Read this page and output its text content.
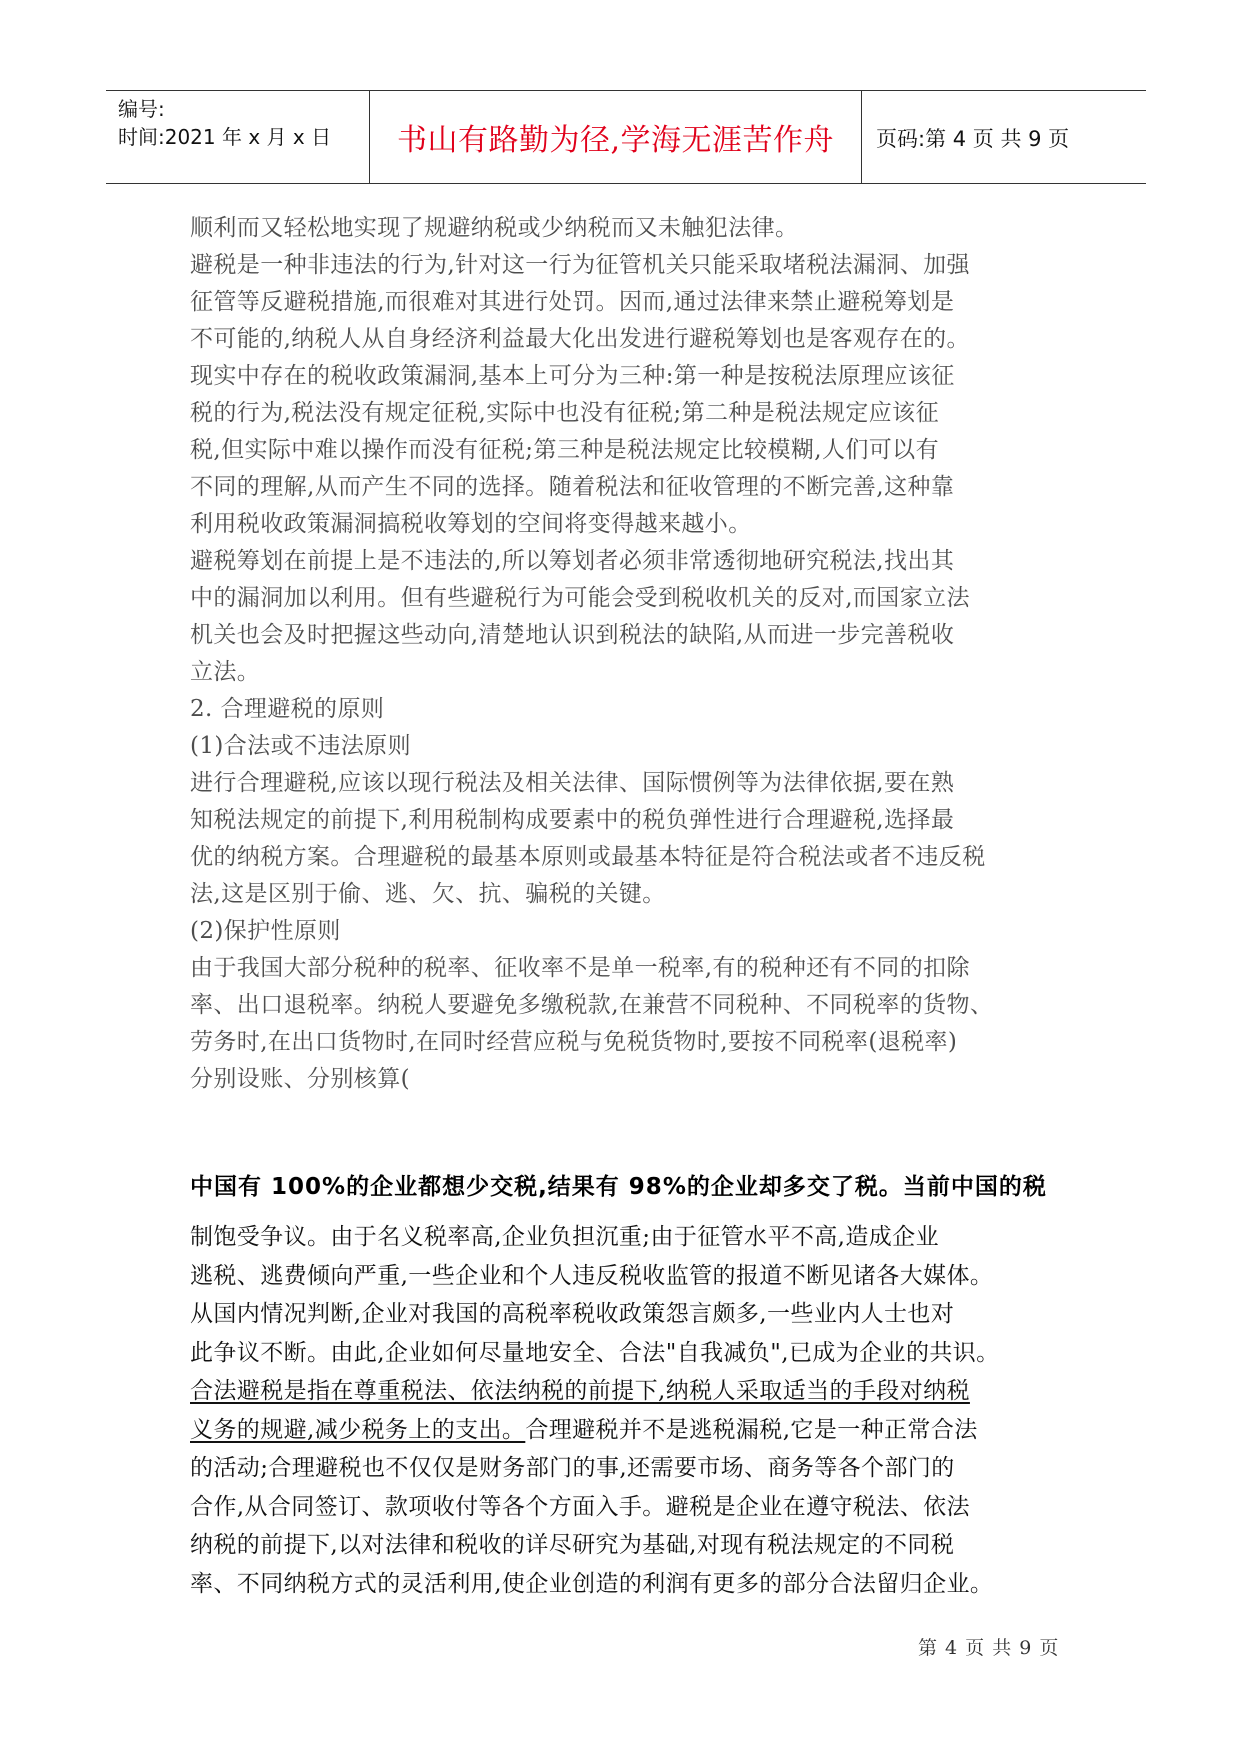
编号:
时间:2021 年 x 月 x 日	书山有路勤为径,学海无涯苦作舟	页码:第 4 页 共 9 页
顺利而又轻松地实现了规避纳税或少纳税而又未触犯法律。
避税是一种非违法的行为,针对这一行为征管机关只能采取堵税法漏洞、加强
征管等反避税措施,而很难对其进行处罚。因而,通过法律来禁止避税筹划是
不可能的,纳税人从自身经济利益最大化出发进行避税筹划也是客观存在的。
现实中存在的税收政策漏洞,基本上可分为三种:第一种是按税法原理应该征
税的行为,税法没有规定征税,实际中也没有征税;第二种是税法规定应该征
税,但实际中难以操作而没有征税;第三种是税法规定比较模糊,人们可以有
不同的理解,从而产生不同的选择。随着税法和征收管理的不断完善,这种靠
利用税收政策漏洞搞税收筹划的空间将变得越来越小。
避税筹划在前提上是不违法的,所以筹划者必须非常透彻地研究税法,找出其
中的漏洞加以利用。但有些避税行为可能会受到税收机关的反对,而国家立法
机关也会及时把握这些动向,清楚地认识到税法的缺陷,从而进一步完善税收
立法。
2. 合理避税的原则
(1)合法或不违法原则
进行合理避税,应该以现行税法及相关法律、国际惯例等为法律依据,要在熟
知税法规定的前提下,利用税制构成要素中的税负弹性进行合理避税,选择最
优的纳税方案。合理避税的最基本原则或最基本特征是符合税法或者不违反税
法,这是区别于偷、逃、欠、抗、骗税的关键。
(2)保护性原则
由于我国大部分税种的税率、征收率不是单一税率,有的税种还有不同的扣除
率、出口退税率。纳税人要避免多缴税款,在兼营不同税种、不同税率的货物、
劳务时,在出口货物时,在同时经营应税与免税货物时,要按不同税率(退税率)
分别设账、分别核算(
中国有 100%的企业都想少交税,结果有 98%的企业却多交了税。当前中国的税
制饱受争议。由于名义税率高,企业负担沉重;由于征管水平不高,造成企业
逃税、逃费倾向严重,一些企业和个人违反税收监管的报道不断见诸各大媒体。
从国内情况判断,企业对我国的高税率税收政策怨言颇多,一些业内人士也对
此争议不断。由此,企业如何尽量地安全、合法"自我减负",已成为企业的共识。
合法避税是指在尊重税法、依法纳税的前提下,纳税人采取适当的手段对纳税
义务的规避,减少税务上的支出。合理避税并不是逃税漏税,它是一种正常合法
的活动;合理避税也不仅仅是财务部门的事,还需要市场、商务等各个部门的
合作,从合同签订、款项收付等各个方面入手。避税是企业在遵守税法、依法
纳税的前提下,以对法律和税收的详尽研究为基础,对现有税法规定的不同税
率、不同纳税方式的灵活利用,使企业创造的利润有更多的部分合法留归企业。
第 4 页 共 9 页
